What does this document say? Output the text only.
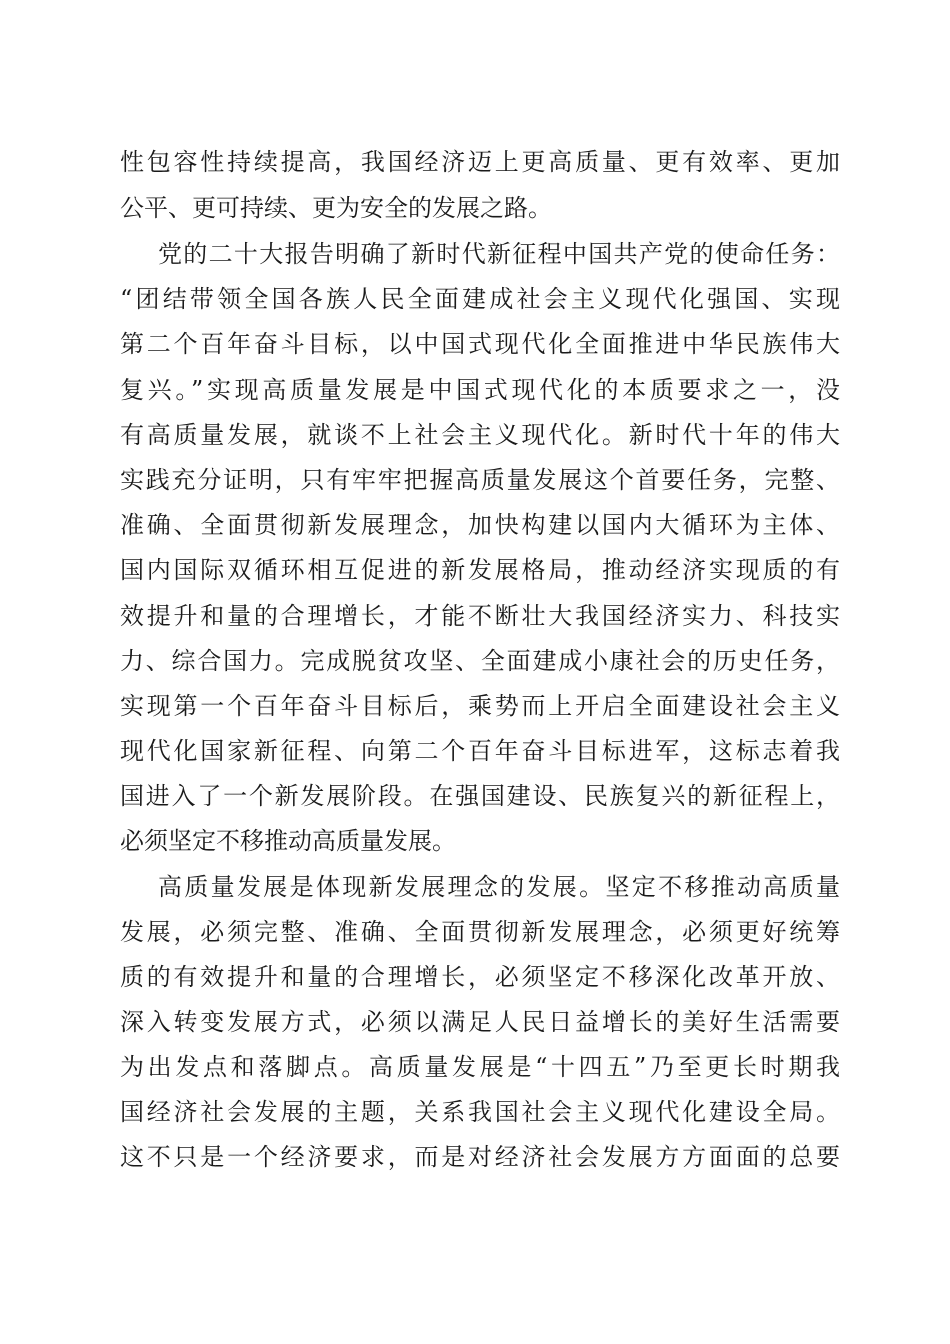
性包容性持续提高，我国经济迈上更高质量、更有效率、更加
公平、更可持续、更为安全的发展之路。
党的二十大报告明确了新时代新征程中国共产党的使命任务：
“团结带领全国各族人民全面建成社会主义现代化强国、实现
第二个百年奋斗目标，以中国式现代化全面推进中华民族伟大
复兴。”实现高质量发展是中国式现代化的本质要求之一，没
有高质量发展，就谈不上社会主义现代化。新时代十年的伟大
实践充分证明，只有牢牢把握高质量发展这个首要任务，完整、
准确、全面贯彻新发展理念，加快构建以国内大循环为主体、
国内国际双循环相互促进的新发展格局，推动经济实现质的有
效提升和量的合理增长，才能不断壮大我国经济实力、科技实
力、综合国力。完成脱贫攻坚、全面建成小康社会的历史任务，
实现第一个百年奋斗目标后，乘势而上开启全面建设社会主义
现代化国家新征程、向第二个百年奋斗目标进军，这标志着我
国进入了一个新发展阶段。在强国建设、民族复兴的新征程上，
必须坚定不移推动高质量发展。
高质量发展是体现新发展理念的发展。坚定不移推动高质量
发展，必须完整、准确、全面贯彻新发展理念，必须更好统筹
质的有效提升和量的合理增长，必须坚定不移深化改革开放、
深入转变发展方式，必须以满足人民日益增长的美好生活需要
为出发点和落脚点。高质量发展是“十四五”乃至更长时期我
国经济社会发展的主题，关系我国社会主义现代化建设全局。
这不只是一个经济要求，而是对经济社会发展方方面面的总要
